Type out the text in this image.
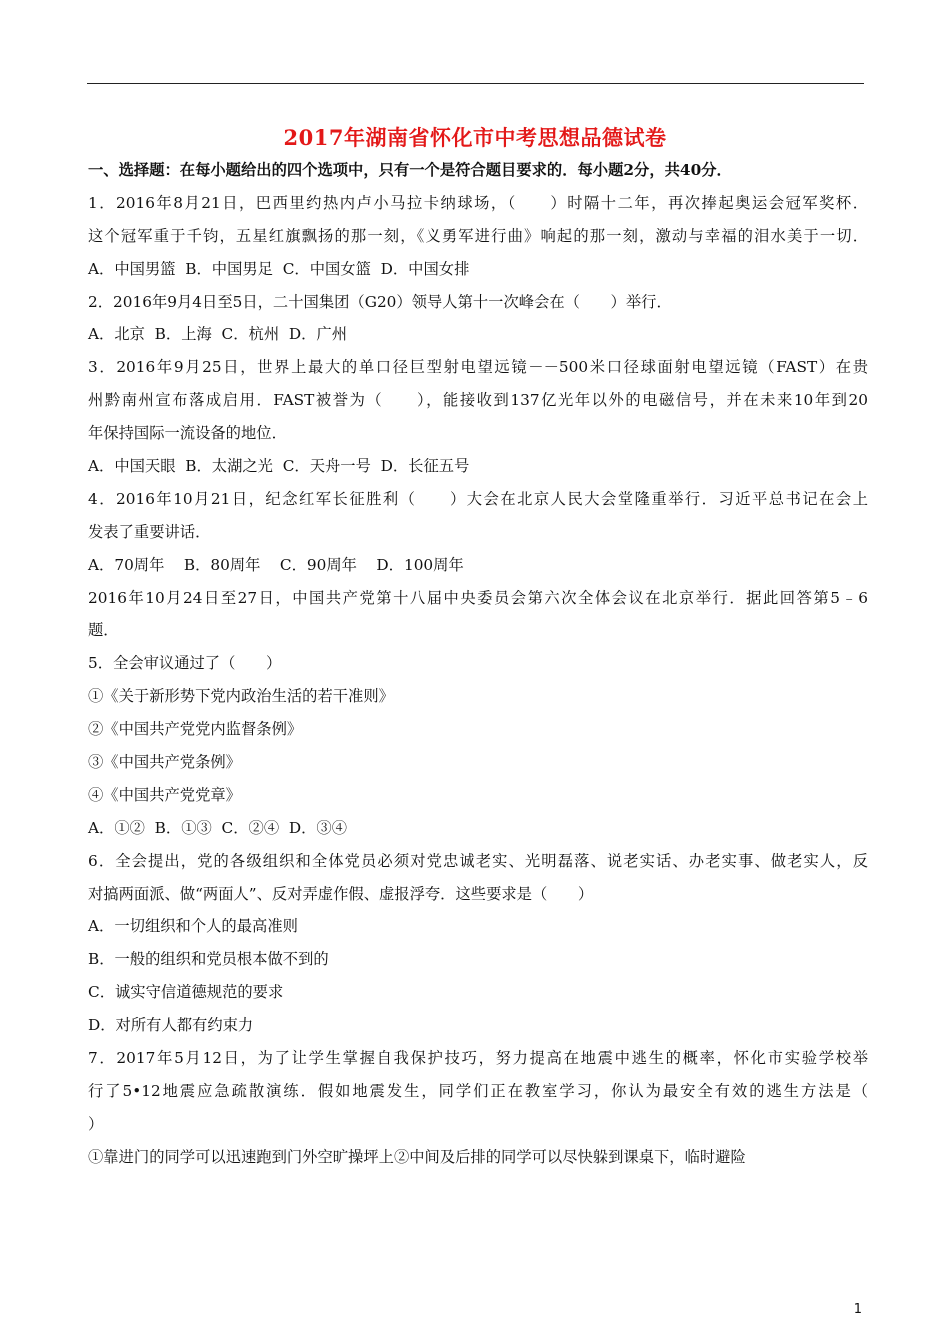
2017年湖南省怀化市中考思想品德试卷
一、选择题：在每小题给出的四个选项中，只有一个是符合题目要求的．每小题2分，共40分．
1．2016年8月21日，巴西里约热内卢小马拉卡纳球场，（　　）时隔十二年，再次捧起奥运会冠军奖杯．
这个冠军重于千钧，五星红旗飘扬的那一刻，《义勇军进行曲》响起的那一刻，激动与幸福的泪水美于一切．
A．中国男篮  B．中国男足  C．中国女篮  D．中国女排
2．2016年9月4日至5日，二十国集团（G20）领导人第十一次峰会在（　　）举行．
A．北京  B．上海  C．杭州  D．广州
3．2016年9月25日，世界上最大的单口径巨型射电望远镜－－500米口径球面射电望远镜（FAST）在贵
州黔南州宣布落成启用．FAST被誉为（　　），能接收到137亿光年以外的电磁信号，并在未来10年到20
年保持国际一流设备的地位．
A．中国天眼  B．太湖之光  C．天舟一号  D．长征五号
4．2016年10月21日，纪念红军长征胜利（　　）大会在北京人民大会堂隆重举行．习近平总书记在会上
发表了重要讲话．
A．70周年    B．80周年    C．90周年    D．100周年
2016年10月24日至27日，中国共产党第十八届中央委员会第六次全体会议在北京举行．据此回答第5﹣6
题．
5．全会审议通过了（　　）
①《关于新形势下党内政治生活的若干准则》
②《中国共产党党内监督条例》
③《中国共产党条例》
④《中国共产党党章》
A．①②  B．①③  C．②④  D．③④
6．全会提出，党的各级组织和全体党员必须对党忠诚老实、光明磊落、说老实话、办老实事、做老实人，反
对搞两面派、做“两面人”、反对弄虚作假、虚报浮夸．这些要求是（　　）
A．一切组织和个人的最高准则
B．一般的组织和党员根本做不到的
C．诚实守信道德规范的要求
D．对所有人都有约束力
7．2017年5月12日，为了让学生掌握自我保护技巧，努力提高在地震中逃生的概率，怀化市实验学校举
行了5•12地震应急疏散演练．假如地震发生，同学们正在教室学习，你认为最安全有效的逃生方法是（
）
①靠进门的同学可以迅速跑到门外空旷操坪上②中间及后排的同学可以尽快躲到课桌下，临时避险
1
